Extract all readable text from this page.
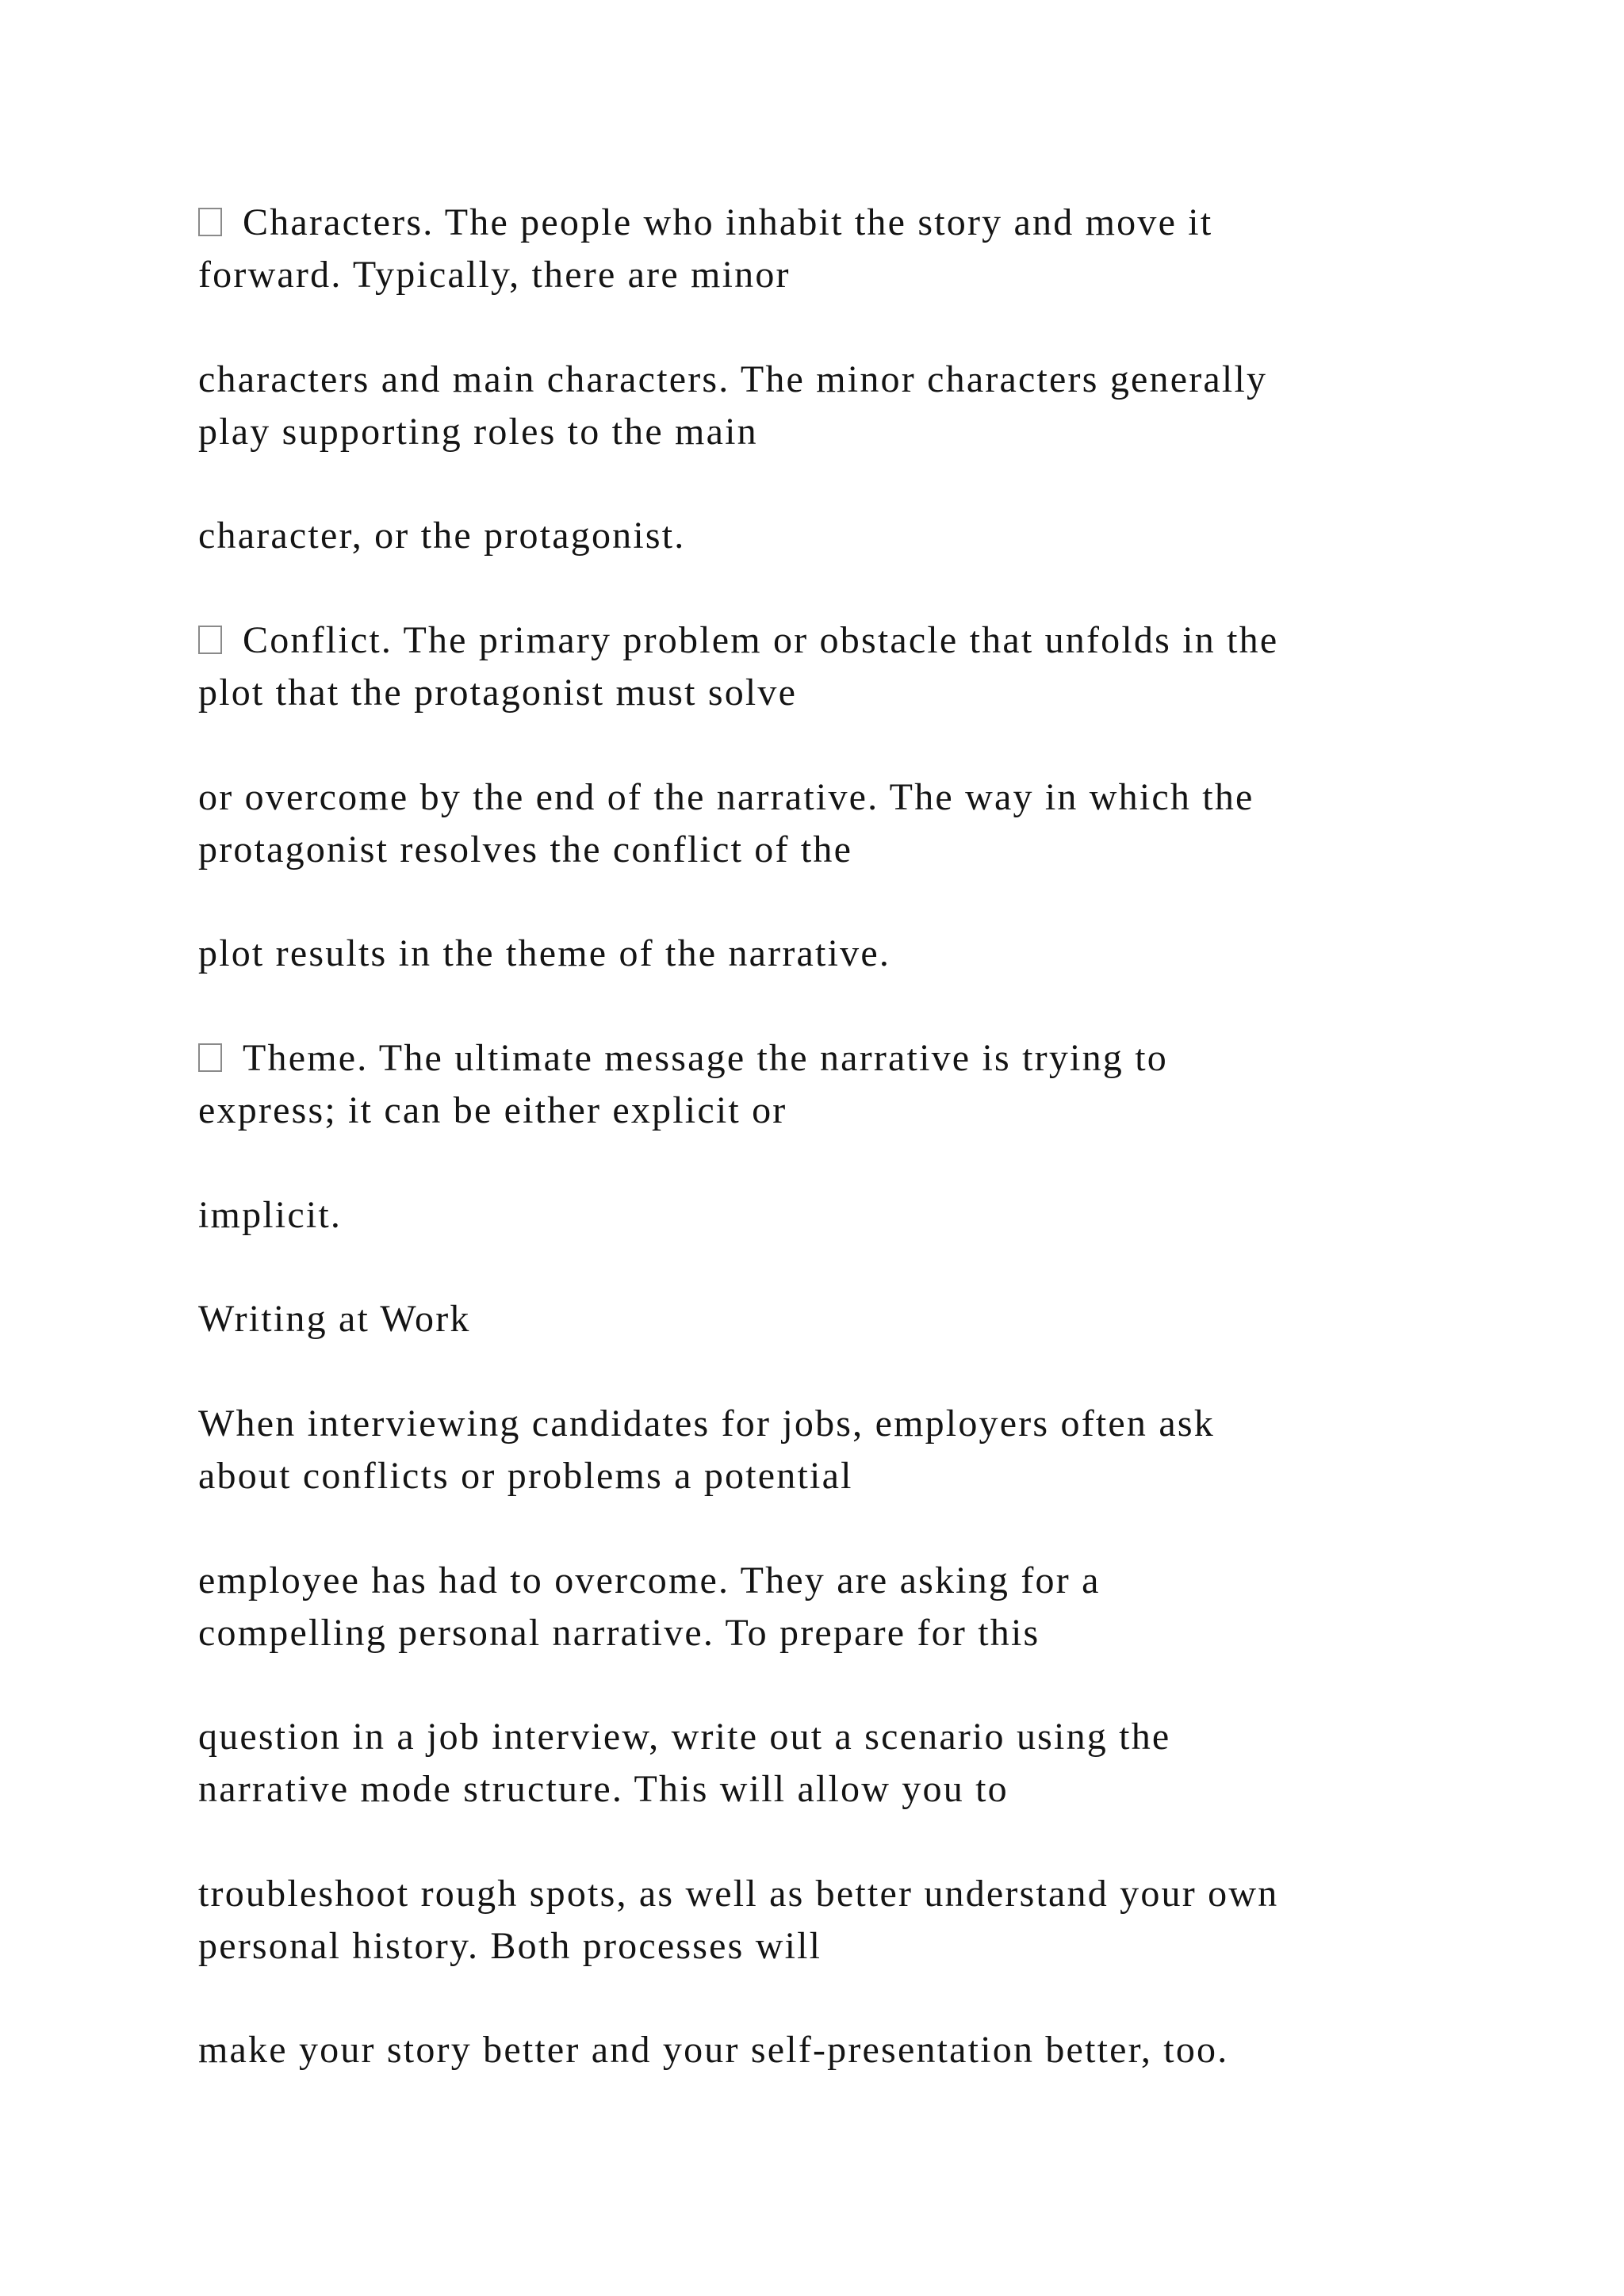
Characters. The people who inhabit the story and move it

forward. Typically, there are minor

characters and main characters. The minor characters generally

play supporting roles to the main

character, or the protagonist.

Conflict. The primary problem or obstacle that unfolds in the

plot that the protagonist must solve

or overcome by the end of the narrative. The way in which the

protagonist resolves the conflict of the

plot results in the theme of the narrative.

Theme. The ultimate message the narrative is trying to

express; it can be either explicit or

implicit.

Writing at Work

When interviewing candidates for jobs, employers often ask

about conflicts or problems a potential

employee has had to overcome. They are asking for a

compelling personal narrative. To prepare for this

question in a job interview, write out a scenario using the

narrative mode structure. This will allow you to

troubleshoot rough spots, as well as better understand your own

personal history. Both processes will

make your story better and your self-presentation better, too.
